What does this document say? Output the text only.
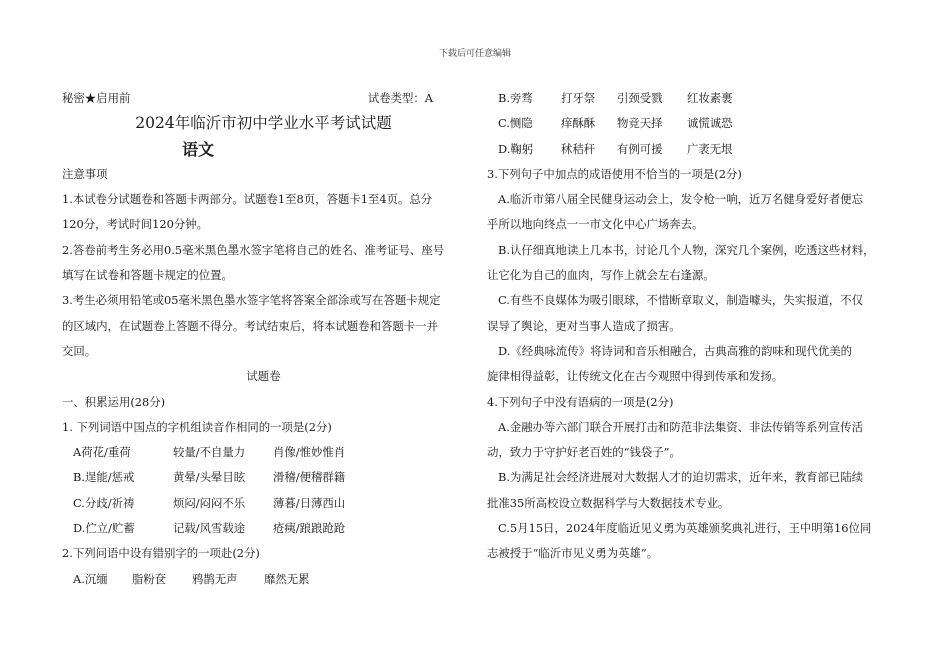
下载后可任意编辑
秘密★启用前	试卷类型：A
2024年临沂市初中学业水平考试试题
语文
注意事项
1.本试卷分试题卷和答题卡两部分。试题卷1至8页，答题卡1至4页。总分
120分，考试时间120分钟。
2.答卷前考生务必用0.5毫米黑色墨水签字笔将自己的姓名、准考证号、座号
填写在试卷和答题卡规定的位置。
3.考生必须用铅笔或05毫米黑色墨水签字笔将答案全部涂或写在答题卡规定
的区域内，在试题卷上答题不得分。考试结束后，将本试题卷和答题卡一并
交回。
试题卷
一、积累运用(28分)
1. 下列词语中国点的字机组读音作相同的一项是(2分)
A荷花/重荷	较量/不自量力	肖像/惟妙惟肖
B.逞能/惩戒	黄晕/头晕目眩	滑稽/便稽群籍
C.分歧/祈祷	烦闷/闷闷不乐	薄暮/日薄西山
D.伫立/贮蓄	记载/风雪载途	疮痍/踉踉跄跄
2.下列问语中设有错别字的一项赴(2分)
A.沉缅	脂粉奁	鸦鹊无声	靡然无累
B.旁骛	打牙祭	引颈受戮	红妆素裹
C.恻隐	痒酥酥	物竞天择	诚慌诚恐
D.鞠躬	秫秸秆	有例可援	广袤无垠
3.下列句子中加点的成语使用不恰当的一项是(2分)
A.临沂市第八届全民健身运动会上，发令枪一响，近万名健身爱好者便忘
乎所以地向终点一一市文化中心广场奔去。
B.认仔细真地读上几本书，讨论几个人物，深究几个案例，吃透这些材料，
让它化为自己的血肉，写作上就会左右逢源。
C.有些不良媒体为吸引眼球，不惜断章取义，制造噱头，失实报道，不仅
误导了舆论，更对当事人造成了损害。
D.《经典咏流传》将诗词和音乐相融合，古典高雅的韵味和现代优美的
旋律相得益彰，让传统文化在古今观照中得到传承和发扬。
4.下列句子中没有语病的一项是(2分)
A.金融办等六部门联合开展打击和防范非法集资、非法传销等系列宣传活
动，致力于守护好老百姓的“钱袋子”。
B.为满足社会经济进展对大数据人才的迫切需求，近年来，教育部已陆续
批准35所高校设立数据科学与大数据技术专业。
C.5月15日，2024年度临近见义勇为英雄颁奖典礼进行，王中明第16位同
志被授于“临沂市见义勇为英雄”。
